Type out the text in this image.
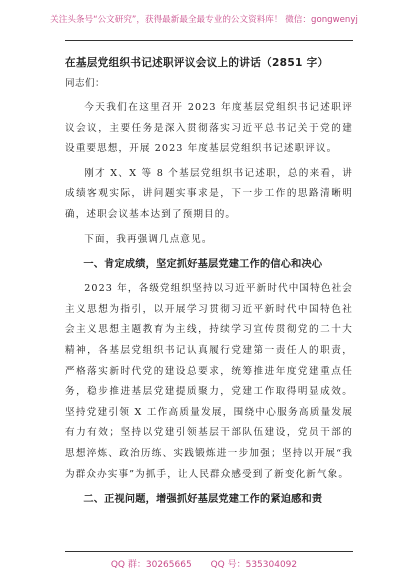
关注头条号“公文研究”，获得最新最全最专业的公文资料库！ 微信：gongwenyj
在基层党组织书记述职评议会议上的讲话（2851 字）

同志们：

今天我们在这里召开 2023 年度基层党组织书记述职评议会议，主要任务是深入贯彻落实习近平总书记关于党的建设重要思想，开展 2023 年度基层党组织书记述职评议。

刚才 X、X 等 8 个基层党组织书记述职，总的来看，讲成绩客观实际，讲问题实事求是，下一步工作的思路清晰明确，述职会议基本达到了预期目的。

下面，我再强调几点意见。

一、肯定成绩，坚定抓好基层党建工作的信心和决心

2023 年，各级党组织坚持以习近平新时代中国特色社会主义思想为指引，以开展学习贯彻习近平新时代中国特色社会主义思想主题教育为主线，持续学习宣传贯彻党的二十大精神，各基层党组织书记认真履行党建第一责任人的职责，严格落实新时代党的建设总要求，统筹推进年度党建重点任务，稳步推进基层党建提质聚力，党建工作取得明显成效。坚持党建引领 X 工作高质量发展，围绕中心服务高质量发展有力有效；坚持以党建引领基层干部队伍建设，党员干部的思想淬炼、政治历练、实践锻炼进一步加强；坚持以开展“我为群众办实事”为抓手，让人民群众感受到了新变化新气象。

二、正视问题，增强抓好基层党建工作的紧迫感和责

QQ 群：30265665 QQ 号：535304092
